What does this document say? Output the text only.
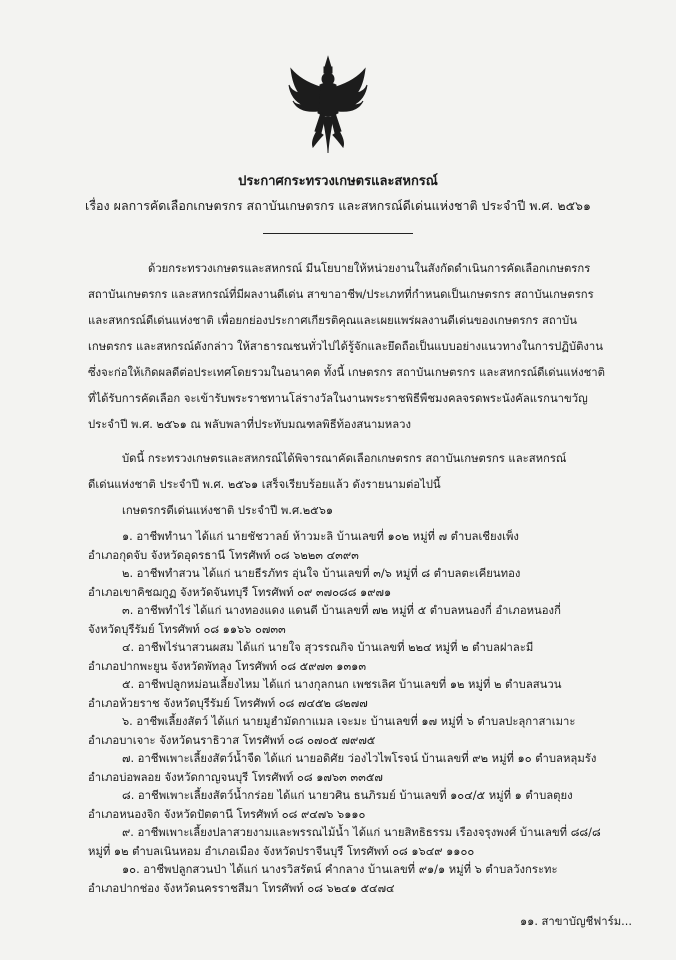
ประกาศกระทรวงเกษตรและสหกรณ์
เรื่อง ผลการคัดเลือกเกษตรกร สถาบันเกษตรกร และสหกรณ์ดีเด่นแห่งชาติ ประจำปี พ.ศ. ๒๕๖๑
ด้วยกระทรวงเกษตรและสหกรณ์ มีนโยบายให้หน่วยงานในสังกัดดำเนินการคัดเลือกเกษตรกร
สถาบันเกษตรกร และสหกรณ์ที่มีผลงานดีเด่น สาขาอาชีพ/ประเภทที่กำหนดเป็นเกษตรกร สถาบันเกษตรกร
และสหกรณ์ดีเด่นแห่งชาติ เพื่อยกย่องประกาศเกียรติคุณและเผยแพร่ผลงานดีเด่นของเกษตรกร สถาบัน
เกษตรกร และสหกรณ์ดังกล่าว ให้สาธารณชนทั่วไปได้รู้จักและยึดถือเป็นแบบอย่างแนวทางในการปฏิบัติงาน
ซึ่งจะก่อให้เกิดผลดีต่อประเทศโดยรวมในอนาคต ทั้งนี้ เกษตรกร สถาบันเกษตรกร และสหกรณ์ดีเด่นแห่งชาติ
ที่ได้รับการคัดเลือก จะเข้ารับพระราชทานโล่รางวัลในงานพระราชพิธีพืชมงคลจรดพระนังคัลแรกนาขวัญ
ประจำปี พ.ศ. ๒๕๖๑ ณ พลับพลาที่ประทับมณฑลพิธีท้องสนามหลวง
บัดนี้ กระทรวงเกษตรและสหกรณ์ได้พิจารณาคัดเลือกเกษตรกร สถาบันเกษตรกร และสหกรณ์
ดีเด่นแห่งชาติ ประจำปี พ.ศ. ๒๕๖๑ เสร็จเรียบร้อยแล้ว ดังรายนามต่อไปนี้
เกษตรกรดีเด่นแห่งชาติ ประจำปี พ.ศ.๒๕๖๑
๑๑. สาขาบัญชีฟาร์ม...
๑. อาชีพทำนา ได้แก่ นายชัชวาลย์ ห้าวมะลิ บ้านเลขที่ ๑๐๒ หมู่ที่ ๗ ตำบลเชียงเพ็ง
อำเภอกุดจับ จังหวัดอุดรธานี โทรศัพท์ ๐๘ ๖๒๒๓ ๔๓๙๓
๒. อาชีพทำสวน ได้แก่ นายธีรภัทร อุ่นใจ บ้านเลขที่ ๓/๖ หมู่ที่ ๘ ตำบลตะเคียนทอง
อำเภอเขาคิชฌกูฏ จังหวัดจันทบุรี โทรศัพท์ ๐๙ ๓๗๐๘๘ ๑๙๗๑
๓. อาชีพทำไร่ ได้แก่ นางทองแดง แดนดี บ้านเลขที่ ๗๒ หมู่ที่ ๕ ตำบลหนองกี่ อำเภอหนองกี่
จังหวัดบุรีรัมย์ โทรศัพท์ ๐๘ ๑๑๖๖ ๐๗๓๓
๔. อาชีพไร่นาสวนผสม ได้แก่ นายใจ สุวรรณกิจ บ้านเลขที่ ๒๒๔ หมู่ที่ ๒ ตำบลฝาละมี
อำเภอปากพะยูน จังหวัดพัทลุง โทรศัพท์ ๐๘ ๕๙๗๓ ๑๓๑๓
๕. อาชีพปลูกหม่อนเลี้ยงไหม ได้แก่ นางกุลกนก เพชรเลิศ บ้านเลขที่ ๑๒ หมู่ที่ ๒ ตำบลสนวน
อำเภอห้วยราช จังหวัดบุรีรัมย์ โทรศัพท์ ๐๘ ๗๔๕๒ ๘๒๗๗
๖. อาชีพเลี้ยงสัตว์ ได้แก่ นายมูฮำมัดกาแมล เจะมะ บ้านเลขที่ ๑๗ หมู่ที่ ๖ ตำบลปะลุกาสาเมาะ
อำเภอบาเจาะ จังหวัดนราธิวาส โทรศัพท์ ๐๘ ๐๗๐๕ ๗๙๗๕
๗. อาชีพเพาะเลี้ยงสัตว์น้ำจืด ได้แก่ นายอดิศัย ว่องไวไพโรจน์ บ้านเลขที่ ๙๒ หมู่ที่ ๑๐ ตำบลหลุมรัง
อำเภอบ่อพลอย จังหวัดกาญจนบุรี โทรศัพท์ ๐๘ ๑๗๖๓ ๓๓๕๗
๘. อาชีพเพาะเลี้ยงสัตว์น้ำกร่อย ได้แก่ นายวศิน ธนภิรมย์ บ้านเลขที่ ๑๐๔/๕ หมู่ที่ ๑ ตำบลตุยง
อำเภอหนองจิก จังหวัดปัตตานี โทรศัพท์ ๐๘ ๙๔๗๖ ๖๑๑๐
๙. อาชีพเพาะเลี้ยงปลาสวยงามและพรรณไม้น้ำ ได้แก่ นายสิทธิธรรม เรืองจรุงพงศ์ บ้านเลขที่ ๘๘/๘
หมู่ที่ ๑๒ ตำบลเนินหอม อำเภอเมือง จังหวัดปราจีนบุรี โทรศัพท์ ๐๘ ๑๖๔๙ ๑๑๐๐
๑๐. อาชีพปลูกสวนป่า ได้แก่ นางรวิสรัตน์ คำกลาง บ้านเลขที่ ๙๑/๑ หมู่ที่ ๖ ตำบลวังกระทะ
อำเภอปากช่อง จังหวัดนครราชสีมา โทรศัพท์ ๐๘ ๖๒๔๑ ๕๔๗๔
